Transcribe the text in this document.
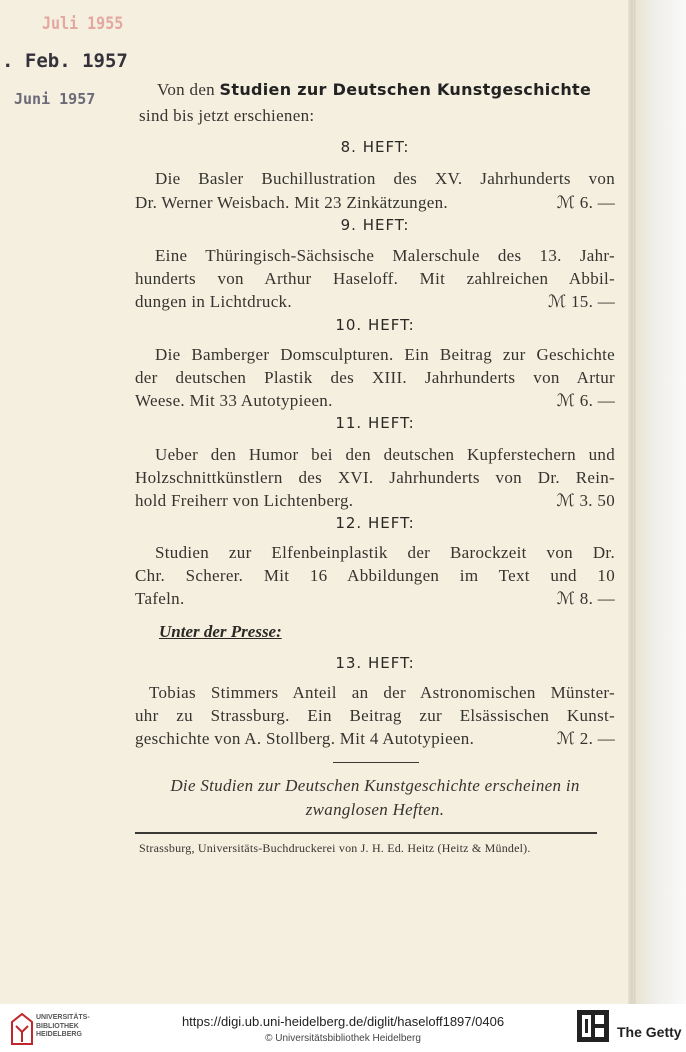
Juli 1955
. Feb. 1957
Juni 1957	Von den Studien zur Deutschen Kunstgeschichte
sind bis jetzt erschienen:
8. HEFT:
Die Basler Buchillustration des XV. Jahrhunderts von
Dr. Werner Weisbach. Mit 23 Zinkätzungen.	ℳ 6. —
9. HEFT:
Eine Thüringisch-Sächsische Malerschule des 13. Jahr-
hunderts von Arthur Haseloff. Mit zahlreichen Abbil-
dungen in Lichtdruck.	ℳ 15. —
10. HEFT:
Die Bamberger Domsculpturen. Ein Beitrag zur Geschichte
der deutschen Plastik des XIII. Jahrhunderts von Artur
Weese. Mit 33 Autotypieen.	ℳ 6. —
11. HEFT:
Ueber den Humor bei den deutschen Kupferstechern und
Holzschnittkünstlern des XVI. Jahrhunderts von Dr. Rein-
hold Freiherr von Lichtenberg.	ℳ 3. 50
12. HEFT:
Studien zur Elfenbeinplastik der Barockzeit von Dr.
Chr. Scherer. Mit 16 Abbildungen im Text und 10
Tafeln.	ℳ 8. —
Unter der Presse:
13. HEFT:
Tobias Stimmers Anteil an der Astronomischen Münster-
uhr zu Strassburg. Ein Beitrag zur Elsässischen Kunst-
geschichte von A. Stollberg. Mit 4 Autotypieen.	ℳ 2. —
Die Studien zur Deutschen Kunstgeschichte erscheinen in
zwanglosen Heften.
Strassburg, Universitäts-Buchdruckerei von J. H. Ed. Heitz (Heitz & Mündel).
UNIVERSITÄTS-
BIBLIOTHEK
HEIDELBERG
https://digi.ub.uni-heidelberg.de/diglit/haseloff1897/0406
© Universitätsbibliothek Heidelberg	The Getty
